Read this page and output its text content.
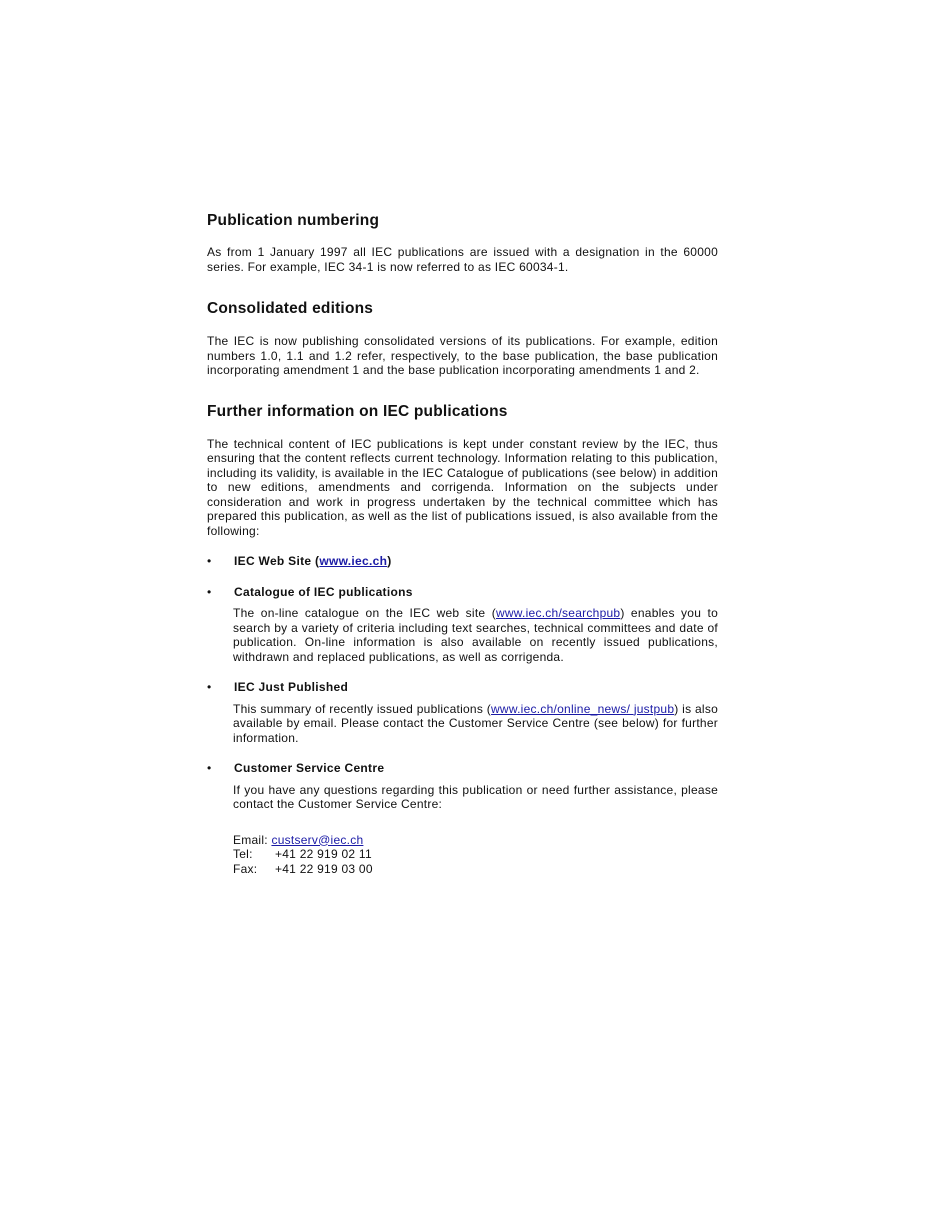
Publication numbering

As from 1 January 1997 all IEC publications are issued with a designation in the 60000 series. For example, IEC 34-1 is now referred to as IEC 60034-1.

Consolidated editions

The IEC is now publishing consolidated versions of its publications. For example, edition numbers 1.0, 1.1 and 1.2 refer, respectively, to the base publication, the base publication incorporating amendment 1 and the base publication incorporating amendments 1 and 2.

Further information on IEC publications

The technical content of IEC publications is kept under constant review by the IEC, thus ensuring that the content reflects current technology. Information relating to this publication, including its validity, is available in the IEC Catalogue of publications (see below) in addition to new editions, amendments and corrigenda. Information on the subjects under consideration and work in progress undertaken by the technical committee which has prepared this publication, as well as the list of publications issued, is also available from the following:

•	IEC Web Site (www.iec.ch)
•	Catalogue of IEC publications

The on-line catalogue on the IEC web site (www.iec.ch/searchpub) enables you to search by a variety of criteria including text searches, technical committees and date of publication. On-line information is also available on recently issued publications, withdrawn and replaced publications, as well as corrigenda.

•	IEC Just Published

This summary of recently issued publications (www.iec.ch/online_news/ justpub) is also available by email. Please contact the Customer Service Centre (see below) for further information.

•	Customer Service Centre

If you have any questions regarding this publication or need further assistance, please contact the Customer Service Centre:

Email:
custserv@iec.ch
Tel:	+41 22 919 02 11
Fax:	+41 22 919 03 00
